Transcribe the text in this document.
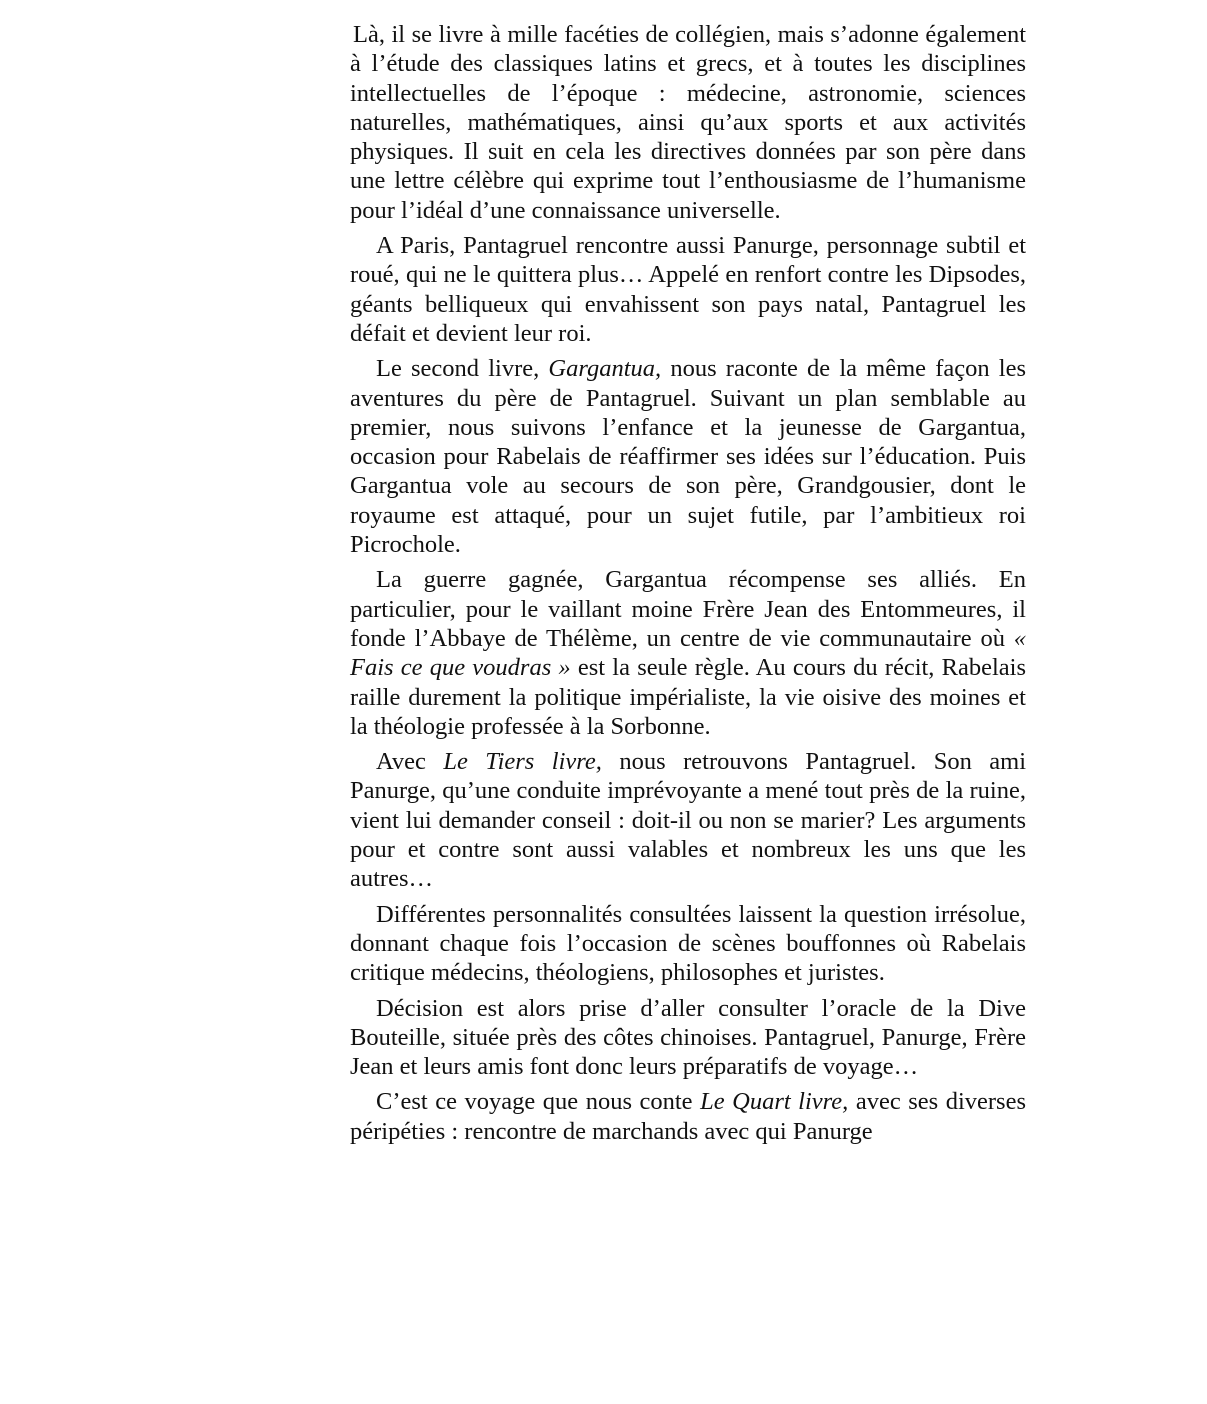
Là, il se livre à mille facéties de collégien, mais s’adonne également à l’étude des classiques latins et grecs, et à toutes les disciplines intellectuelles de l’époque : médecine, astronomie, sciences naturelles, mathématiques, ainsi qu’aux sports et aux activités physiques. Il suit en cela les directives données par son père dans une lettre célèbre qui exprime tout l’enthousiasme de l’humanisme pour l’idéal d’une connaissance universelle.

A Paris, Pantagruel rencontre aussi Panurge, personnage subtil et roué, qui ne le quittera plus… Appelé en renfort contre les Dipsodes, géants belliqueux qui envahissent son pays natal, Pantagruel les défait et devient leur roi.

Le second livre, Gargantua, nous raconte de la même façon les aventures du père de Pantagruel. Suivant un plan semblable au premier, nous suivons l’enfance et la jeunesse de Gargantua, occasion pour Rabelais de réaffirmer ses idées sur l’éducation. Puis Gargantua vole au secours de son père, Grandgousier, dont le royaume est attaqué, pour un sujet futile, par l’ambitieux roi Picrochole.

La guerre gagnée, Gargantua récompense ses alliés. En particulier, pour le vaillant moine Frère Jean des Entommeures, il fonde l’Abbaye de Thélème, un centre de vie communautaire où « Fais ce que voudras » est la seule règle. Au cours du récit, Rabelais raille durement la politique impérialiste, la vie oisive des moines et la théologie professée à la Sorbonne.

Avec Le Tiers livre, nous retrouvons Pantagruel. Son ami Panurge, qu’une conduite imprévoyante a mené tout près de la ruine, vient lui demander conseil : doit-il ou non se marier? Les arguments pour et contre sont aussi valables et nombreux les uns que les autres…

Différentes personnalités consultées laissent la question irrésolue, donnant chaque fois l’occasion de scènes bouffonnes où Rabelais critique médecins, théologiens, philosophes et juristes.

Décision est alors prise d’aller consulter l’oracle de la Dive Bouteille, située près des côtes chinoises. Pantagruel, Panurge, Frère Jean et leurs amis font donc leurs préparatifs de voyage…

C’est ce voyage que nous conte Le Quart livre, avec ses diverses péripéties : rencontre de marchands avec qui Panurge
